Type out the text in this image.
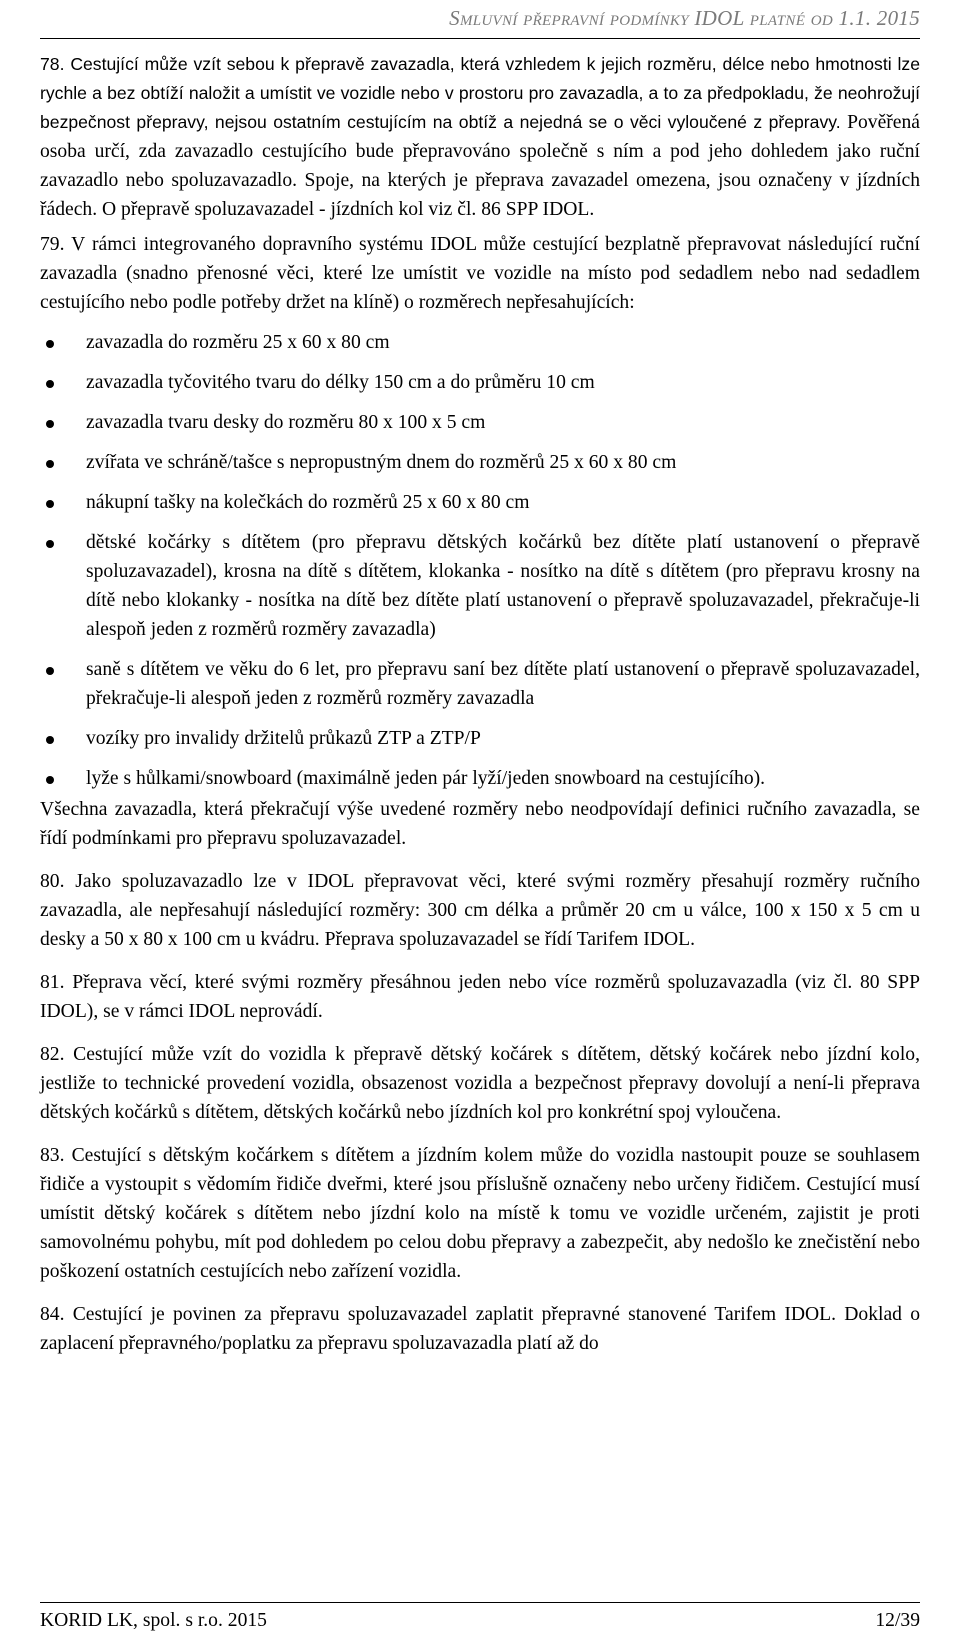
Smluvní přepravní podmínky IDOL platné od 1.1. 2015

78. Cestující může vzít sebou k přepravě zavazadla, která vzhledem k jejich rozměru, délce nebo hmotnosti lze rychle a bez obtíží naložit a umístit ve vozidle nebo v prostoru pro zavazadla, a to za předpokladu, že neohrožují bezpečnost přepravy, nejsou ostatním cestujícím na obtíž a nejedná se o věci vyloučené z přepravy. Pověřená osoba určí, zda zavazadlo cestujícího bude přepravováno společně s ním a pod jeho dohledem jako ruční zavazadlo nebo spoluzavazadlo. Spoje, na kterých je přeprava zavazadel omezena, jsou označeny v jízdních řádech. O přepravě spoluzavazadel - jízdních kol viz čl. 86 SPP IDOL.

79. V rámci integrovaného dopravního systému IDOL může cestující bezplatně přepravovat následující ruční zavazadla (snadno přenosné věci, které lze umístit ve vozidle na místo pod sedadlem nebo nad sedadlem cestujícího nebo podle potřeby držet na klíně) o rozměrech nepřesahujících:

zavazadla do rozměru 25 x 60 x 80 cm
zavazadla tyčovitého tvaru do délky 150 cm a do průměru 10 cm
zavazadla tvaru desky do rozměru 80 x 100 x 5 cm
zvířata ve schráně/tašce s nepropustným dnem do rozměrů 25 x 60 x 80 cm
nákupní tašky na kolečkách do rozměrů 25 x 60 x 80 cm
dětské kočárky s dítětem (pro přepravu dětských kočárků bez dítěte platí ustanovení o přepravě spoluzavazadel), krosna na dítě s dítětem, klokanka - nosítko na dítě s dítětem (pro přepravu krosny na dítě nebo klokanky - nosítka na dítě bez dítěte platí ustanovení o přepravě spoluzavazadel, překračuje-li alespoň jeden z rozměrů rozměry zavazadla)
saně s dítětem ve věku do 6 let, pro přepravu saní bez dítěte platí ustanovení o přepravě spoluzavazadel, překračuje-li alespoň jeden z rozměrů rozměry zavazadla
vozíky pro invalidy držitelů průkazů ZTP a ZTP/P
lyže s hůlkami/snowboard (maximálně jeden pár lyží/jeden snowboard na cestujícího).

Všechna zavazadla, která překračují výše uvedené rozměry nebo neodpovídají definici ručního zavazadla, se řídí podmínkami pro přepravu spoluzavazadel.

80. Jako spoluzavazadlo lze v IDOL přepravovat věci, které svými rozměry přesahují rozměry ručního zavazadla, ale nepřesahují následující rozměry: 300 cm délka a průměr 20 cm u válce, 100 x 150 x 5 cm u desky a 50 x 80 x 100 cm u kvádru. Přeprava spoluzavazadel se řídí Tarifem IDOL.

81. Přeprava věcí, které svými rozměry přesáhnou jeden nebo více rozměrů spoluzavazadla (viz čl. 80 SPP IDOL), se v rámci IDOL neprovádí.

82. Cestující může vzít do vozidla k přepravě dětský kočárek s dítětem, dětský kočárek nebo jízdní kolo, jestliže to technické provedení vozidla, obsazenost vozidla a bezpečnost přepravy dovolují a není-li přeprava dětských kočárků s dítětem, dětských kočárků nebo jízdních kol pro konkrétní spoj vyloučena.

83. Cestující s dětským kočárkem s dítětem a jízdním kolem může do vozidla nastoupit pouze se souhlasem řidiče a vystoupit s vědomím řidiče dveřmi, které jsou příslušně označeny nebo určeny řidičem. Cestující musí umístit dětský kočárek s dítětem nebo jízdní kolo na místě k tomu ve vozidle určeném, zajistit je proti samovolnému pohybu, mít pod dohledem po celou dobu přepravy a zabezpečit, aby nedošlo ke znečistění nebo poškození ostatních cestujících nebo zařízení vozidla.

84. Cestující je povinen za přepravu spoluzavazadel zaplatit přepravné stanovené Tarifem IDOL. Doklad o zaplacení přepravného/poplatku za přepravu spoluzavazadla platí až do

KORID LK, spol. s r.o. 2015	12/39
